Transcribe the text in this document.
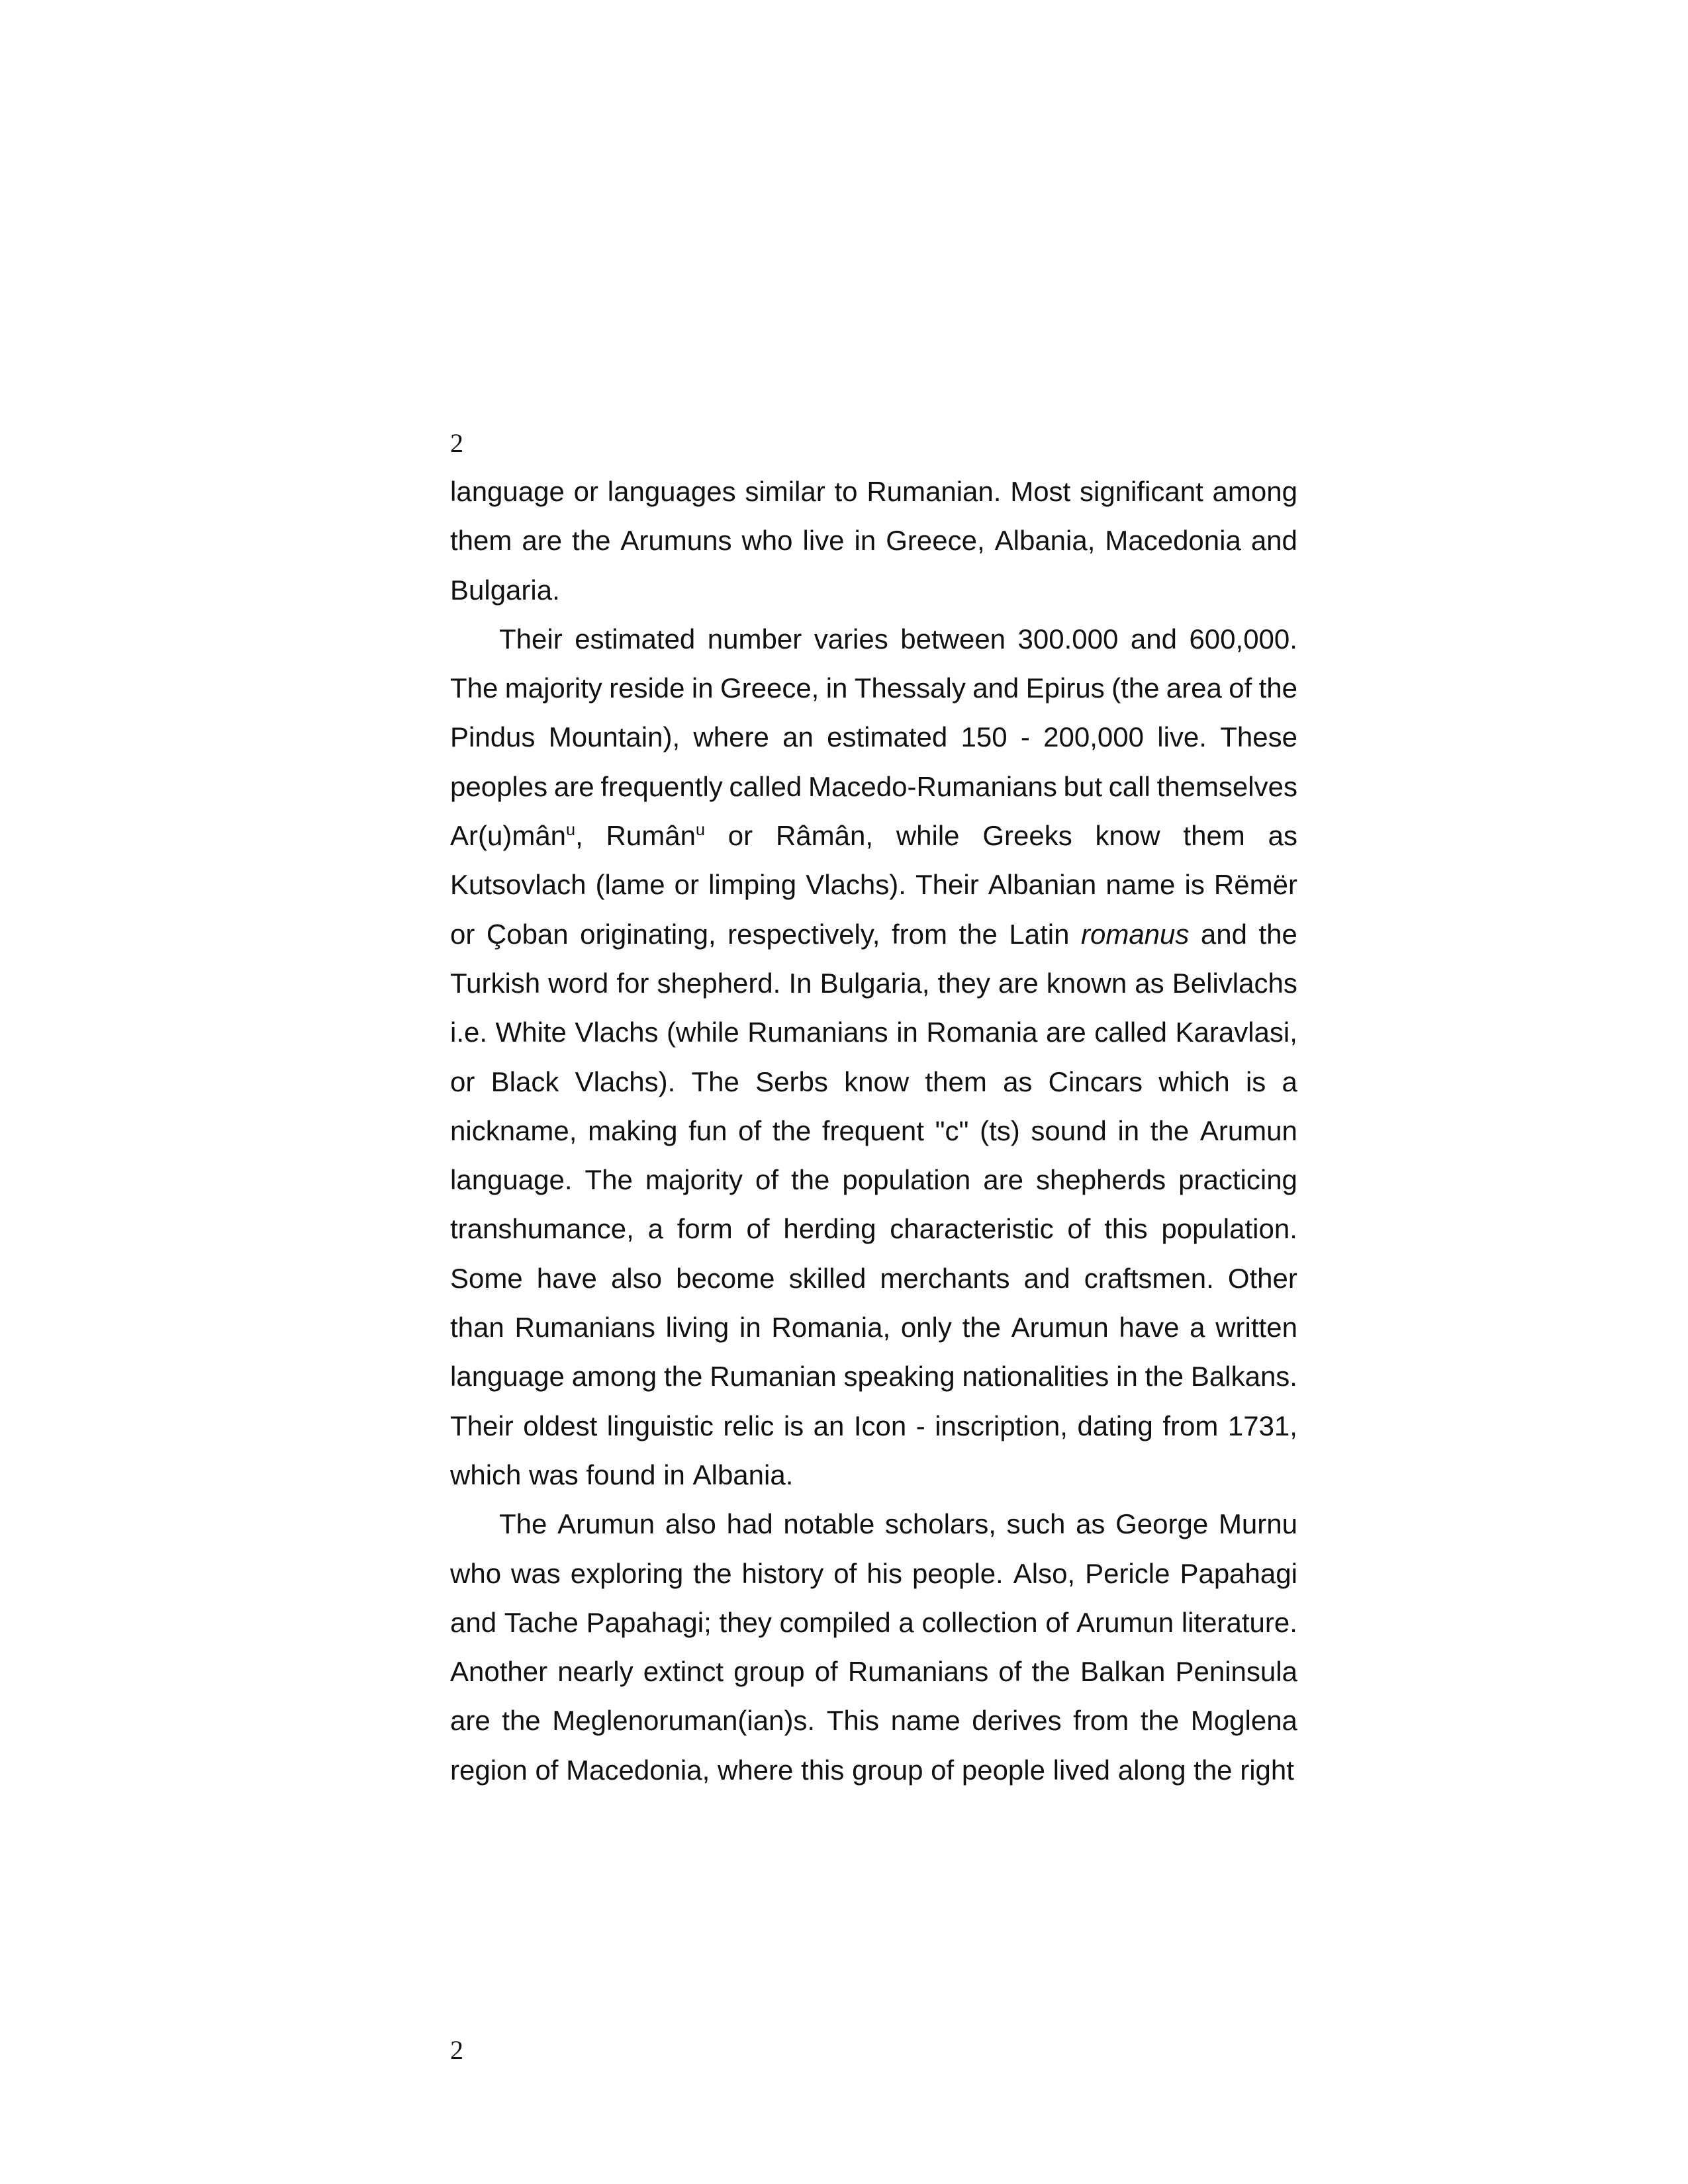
2
language or languages similar to Rumanian. Most significant among
them are the Arumuns who live in Greece, Albania, Macedonia and
Bulgaria.
Their estimated number varies between 300.000 and 600,000.
The majority reside in Greece, in Thessaly and Epirus (the area of the
Pindus Mountain), where an estimated 150 - 200,000 live. These
peoples are frequently called Macedo-Rumanians but call themselves
Ar(u)mân$^u$, Rumân$^u$ or Râmân, while Greeks know them as
Kutsovlach (lame or limping Vlachs). Their Albanian name is Rëmër
or Çoban originating, respectively, from the Latin romanus and the
Turkish word for shepherd. In Bulgaria, they are known as Belivlachs
i.e. White Vlachs (while Rumanians in Romania are called Karavlasi,
or Black Vlachs). The Serbs know them as Cincars which is a
nickname, making fun of the frequent "c" (ts) sound in the Arumun
language. The majority of the population are shepherds practicing
transhumance, a form of herding characteristic of this population.
Some have also become skilled merchants and craftsmen. Other
than Rumanians living in Romania, only the Arumun have a written
language among the Rumanian speaking nationalities in the Balkans.
Their oldest linguistic relic is an Icon - inscription, dating from 1731,
which
was
found
in
Albania.
The Arumun also had notable scholars, such as George Murnu
who was exploring the history of his people. Also, Pericle Papahagi
and Tache Papahagi; they compiled a collection of Arumun literature.
Another nearly extinct group of Rumanians of the Balkan Peninsula
are the Meglenoruman(ian)s. This name derives from the Moglena
region
of
Macedonia,
where
this
group
of
people
lived
along
the
right
2
